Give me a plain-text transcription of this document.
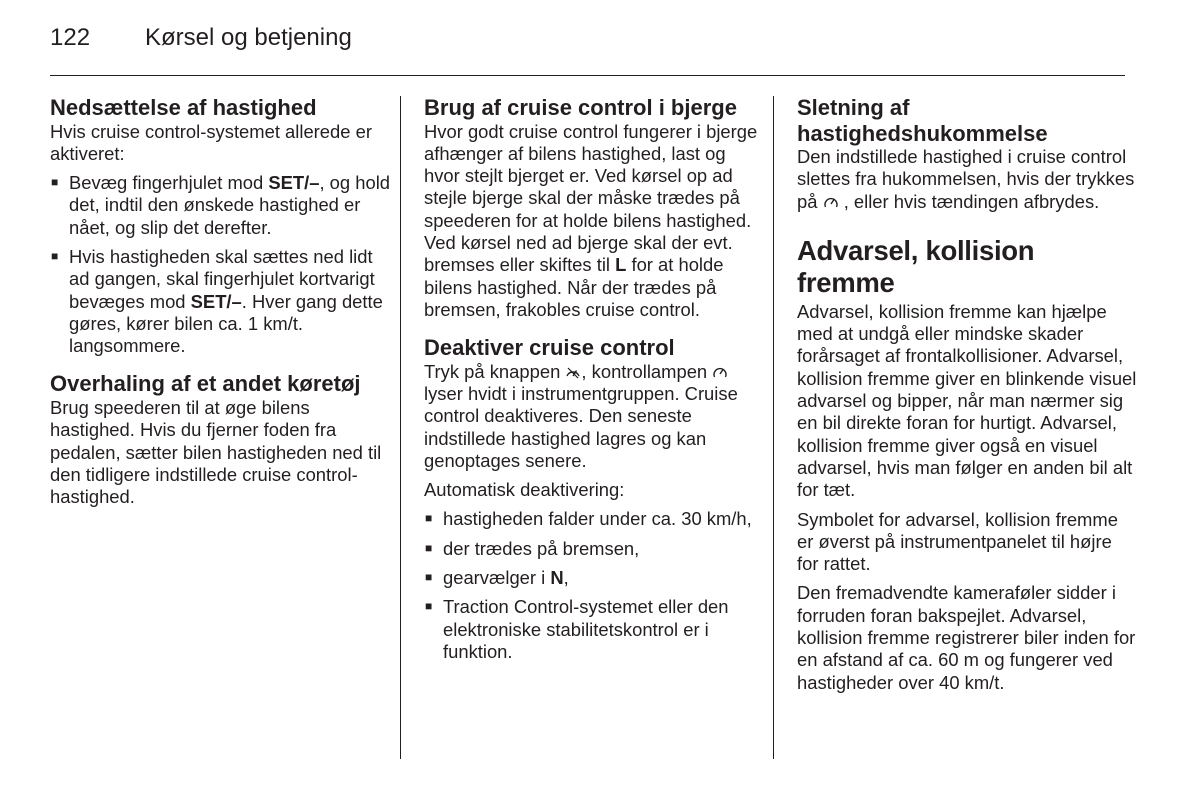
122 Kørsel og betjening
Nedsættelse af hastighed

Hvis cruise control-systemet allerede er aktiveret:

■ Bevæg fingerhjulet mod SET/–, og hold det, indtil den ønskede hastighed er nået, og slip det derefter.
■ Hvis hastigheden skal sættes ned lidt ad gangen, skal fingerhjulet kortvarigt bevæges mod SET/–. Hver gang dette gøres, kører bilen ca. 1 km/t. langsommere.
Overhaling af et andet køretøj

Brug speederen til at øge bilens hastighed. Hvis du fjerner foden fra pedalen, sætter bilen hastigheden ned til den tidligere indstillede cruise control-hastighed.

Brug af cruise control i bjerge

Hvor godt cruise control fungerer i bjerge afhænger af bilens hastighed, last og hvor stejlt bjerget er. Ved kørsel op ad stejle bjerge skal der måske trædes på speederen for at holde bilens hastighed. Ved kørsel ned ad bjerge skal der evt. bremses eller skiftes til L for at holde bilens hastighed. Når der trædes på bremsen, frakobles cruise control.

Deaktiver cruise control

Tryk på knappen , kontrollampen  lyser hvidt i instrumentgruppen. Cruise control deaktiveres. Den seneste indstillede hastighed lagres og kan genoptages senere.

Automatisk deaktivering:

■ hastigheden falder under ca. 30 km/h,
■ der trædes på bremsen,
■ gearvælger i N,
■ Traction Control-systemet eller den elektroniske stabilitetskontrol er i funktion.
Sletning af hastighedshukommelse

Den indstillede hastighed i cruise control slettes fra hukommelsen, hvis der trykkes på  , eller hvis tændingen afbrydes.

Advarsel, kollision fremme

Advarsel, kollision fremme kan hjælpe med at undgå eller mindske skader forårsaget af frontalkollisioner. Advarsel, kollision fremme giver en blinkende visuel advarsel og bipper, når man nærmer sig en bil direkte foran for hurtigt. Advarsel, kollision fremme giver også en visuel advarsel, hvis man følger en anden bil alt for tæt.

Symbolet for advarsel, kollision fremme er øverst på instrumentpanelet til højre for rattet.

Den fremadvendte kameraføler sidder i forruden foran bakspejlet. Advarsel, kollision fremme registrerer biler inden for en afstand af ca. 60 m og fungerer ved hastigheder over 40 km/t.
